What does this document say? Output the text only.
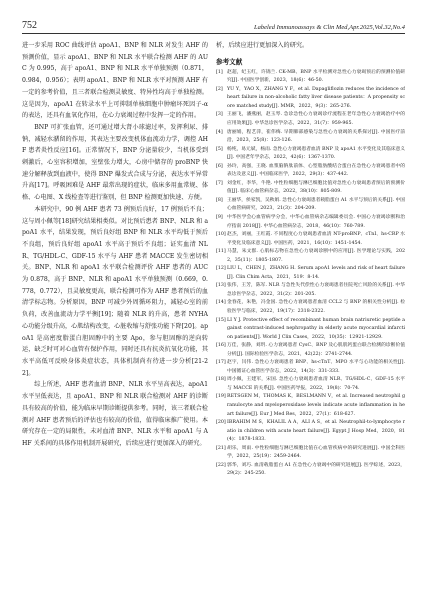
752	Labeled Immunoassays & Clin Med,Apr.2025,Vol.32,No.4

进一步采用 ROC 曲线评估 apoA1、BNP 和 NLR 对发生 AHF 的预测价值，显示 apoA1、BNP 和 NLR 水平联合检测 AHF 的 AUC 为 0.995，高于 apoA1、BNP 和 NLR 水平单独预测（0.871，0.984，0.956）；表明 apoA1、BNP 和 NLR 水平对预测 AHF 有一定的参考价值，且三者联合检测灵敏度、特异性均高于单独检测。这是因为，apoA1 在转录水平上可抑制单核细胞中肿瘤坏死因子-α 的表达，还具有血氧化作用，在心力衰竭过程中发挥一定的作用。

BNP 可扩张血管，还可通过增大肾小球滤过率，发挥利尿、排钠，减轻水潴留的作用，其表达主要改变机体血流动力学，调控 AHF 患者炎性反应[16]。正常情况下，BNP 分泌量较少，当机体受到刺激后，心室容积增加，室壁张力增大，心房中储存的 proBNP 快速分解释放到血液中，使得 BNP 爆发式合成与分泌，表达水平异常升高[17]。呼吸困难是 AHF 最常出现的症状，临床多用血常规、体格、心电图、X 线检查等进行鉴别，但 BNP 检测更加快速、方便。

本研究中，90 例 AHF 患者 73 例预后良好，17 例预后不良；这与周小佩等[18]研究结果相类似。对比预后患者 BNP、NLR 和 apoA1 水平，结果发现，预后良好组 BNP 和 NLR 水平均低于预后不良组，预后良好组 apoA1 水平高于预后不良组；证实血清 NLR、TG/HDL-C、GDF-15 水平与 AHF 患者 MACCE 发生密切相关。BNP、NLR 和 apoA1 水平联合检测评价 AHF 患者的 AUC 为 0.878，高于 BNP、NLR 和 apoA1 水平单独预测（0.669，0.778，0.772），且灵敏度更高，联合检测可作为 AHF 患者预后的血清学标志物。分析原因，BNP 可减少外周循环阻力，减轻心室的前负荷，改善血流动力学平衡[19]；随着 NLR 的升高，患者 NYHA 心功能分级升高，心肌结构改变，心脏收缩与舒张功能下降[20]。apoA1 是高密度脂蛋白胆固醇中的主要 Apo，参与胆固醇的逆向转运，缺乏时可对心血管有保护作用，同时还具有抗炎抗氧化功能，其水平高低可反映身体炎症状态，具体机制尚有待进一步分析[21-22]。

综上所述，AHF 患者血清 BNP、NLR 水平呈高表达，apoA1 水平呈低表达，且 apoA1、BNP 和 NLR 联合检测对 AHF 的诊断具有较高的价值，能为临床早期诊断提供参考。同时，该三者联合检测对 AHF 患者预后的评估也有较高的价值，值得临床推广使用。本研究存在一定的局限性，未对血清 BNP、NLR 水平和 apoA1 与 AHF 关系间的具体作用机制开展研究，后续应进行更加深入的研究。

析，后续应进行更加深入的研究。

参考文献
[1] 赵超，纪玉红，许锦兰. CK-MB、BNP 水平检测对急性心力衰竭预后的预测价值研究[J]. 中国医学创新，2023，18(6)：46-50.
[2] YU Y，YAO X，ZHANG Y F，et al. Dapagliflozin reduces the incidence of heart failure in non-alcoholic fatty liver disease patients：A propensity score matched study[J]. MMR，2022，9(3)：265-276.
[3] 王丽飞，潘燕丽，赵玉琴. 急诊急性心力衰竭诊疗流程在老年急性心力衰竭治疗中的应用效果[J]. 中华急诊医学杂志，2022，31(7)：959-965.
[4] 唐丽娟，程艺萍，崔伟梅. 早期肺部感染与急性心力衰竭的关系探讨[J]. 中国医疗前沿，2023，25(8)：123-126.
[5] 杨纯，易元斌，杨雨. 急性心力衰竭患者血清 BNP 及 apoA1 水平变化及其临床意义[J]. 中国老年学杂志，2022，42(6)：1367-1370.
[6] 孙玲，高强，王晓. 血浆脑钠肽前体、心型脂肪酸结合蛋白在急性心力衰竭患者中的表达及意义[J]. 中国临床医学，2022，29(3)：437-442.
[7] 刘金红，李华，牛艳. 中性粒细胞与淋巴细胞比值对急性心力衰竭患者预后的预测价值[J]. 临床心血管病杂志，2022，38(10)：805-809.
[8] 王丽华，侯家凯，吴秋娟. 急性心力衰竭患者载脂蛋白 A1 水平与预后的关系[J]. 中国心血管病研究，2023，21(3)：204-209.
[9] 中华医学会心血管病学分会，中华心血管病杂志编辑委员会. 中国心力衰竭诊断和治疗指南 2018[J]. 中华心血管病杂志，2018，46(10)：760-789.
[10] 赵杰，刘丽，王红霞. 不同程度心力衰竭患者血清 NT-proBNP、cTnI、hs-CRP 水平变化及临床意义[J]. 中国医药，2021，16(10)：1451-1454.
[11] 马慧，朱文群. 心肌标志物在急性心力衰竭诊断中的应用[J]. 医学理论与实践，2022，35(11)：1805-1807.
[12] LIU L，CHEN J，ZHANG H. Serum apoA1 levels and risk of heart failure[J]. Clin Chim Acta，2021，519：8-14.
[13] 张伟，王芳，陈军. NLR 与急性失代偿性心力衰竭患者住院死亡风险的关系[J]. 中华急诊医学杂志，2022，31(2)：201-205.
[14] 金春花，朱艳，冯金国. 急性心力衰竭患者血清 CCL2 与 BNP 的相关性分析[J]. 检验医学与临床，2022，19(17)：2318-2322.
[15] LI Y J. Protective effect of recombinant human brain natriuretic peptide against contrast-induced nephropathy in elderly acute myocardial infarction patients[J]. World J Clin Cases，2022，10(35)：12921-12929.
[16] 万佳，张静，刘玥. 心力衰竭患者 CysC、BNP 及心肌肌钙蛋白联合检测的诊断价值分析[J]. 国际检验医学杂志，2021，42(22)：2741-2744.
[17] 赵宇，闫伟. 急性心力衰竭患者 BNP、hs-cTnT、MPO 水平与心功能的相关性[J]. 中国循证心血管医学杂志，2022，14(3)：331-333.
[18] 周小佩，王建军，宋国. 急性心力衰竭患者血清 NLR、TG/HDL-C、GDF-15 水平与 MACCE 的关系[J]. 中国医药导报，2022，19(8)：70-74.
[19] RETSGEN M，THOMAS K，BESLMANN V，et al. Increased neutrophil granulocyte and myeloperoxidase levels indicate acute inflammation in heart failure[J]. Eur J Med Res，2022，27(1)：618-627.
[20] IBRAHIM M S，KHALIL A A，ALI A S，et al. Neutrophil-to-lymphocyte ratio in children with acute heart failure[J]. Egypt J Hosp Med，2020，81(4)：1878-1833.
[21] 胡乐，周雨. 中性粒细胞与淋巴细胞比值在心血管疾病中的研究进展[J]. 中国全科医学，2022，25(19)：2459-2464.
[22] 郭华，刘巧. 血清载脂蛋白 A1 在急性心力衰竭中的研究进展[J]. 医学综述，2023，29(2)：245-250.
